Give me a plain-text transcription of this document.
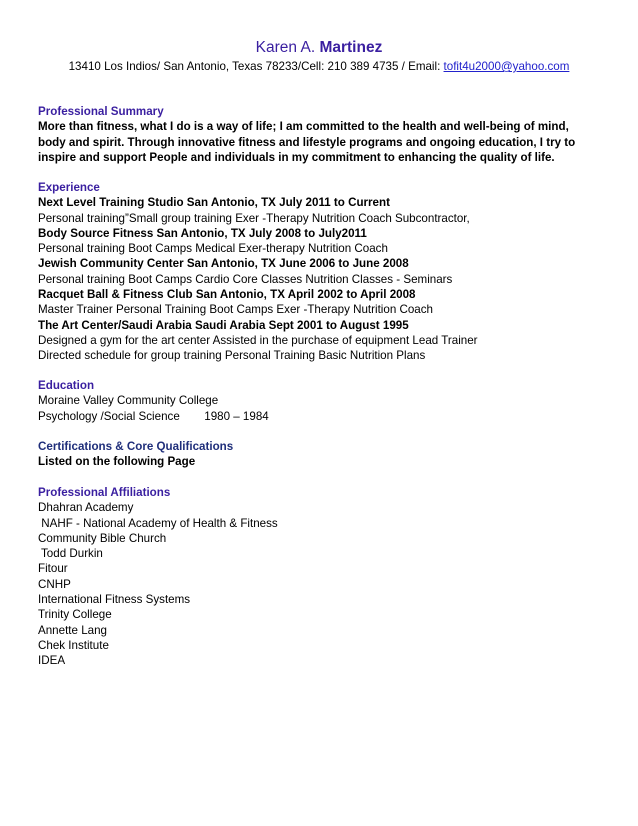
Karen A. Martinez
13410 Los Indios/ San Antonio, Texas 78233/Cell: 210 389 4735 / Email: tofit4u2000@yahoo.com
Professional Summary
More than fitness, what I do is a way of life; I am committed to the health and well-being of mind,
body and spirit. Through innovative fitness and lifestyle programs and ongoing education, I try to
inspire and support People and individuals in my commitment to enhancing the quality of life.
Experience
Next Level Training Studio San Antonio, TX July 2011 to Current
Personal training”Small group training Exer -Therapy Nutrition Coach Subcontractor,
Body Source Fitness San Antonio, TX July 2008 to July2011
Personal training Boot Camps Medical Exer-therapy Nutrition Coach
Jewish Community Center San Antonio, TX June 2006 to June 2008
Personal training Boot Camps Cardio Core Classes Nutrition Classes - Seminars
Racquet Ball & Fitness Club San Antonio, TX April 2002 to April 2008
Master Trainer Personal Training Boot Camps Exer -Therapy Nutrition Coach
The Art Center/Saudi Arabia Saudi Arabia Sept 2001 to August 1995
Designed a gym for the art center Assisted in the purchase of equipment Lead Trainer
Directed schedule for group training Personal Training Basic Nutrition Plans
Education
Moraine Valley Community College
Psychology /Social Science 1980 – 1984
Certifications & Core Qualifications
Listed on the following Page
Professional Affiliations
Dhahran Academy
NAHF - National Academy of Health & Fitness
Community Bible Church
Todd Durkin
Fitour
CNHP
International Fitness Systems
Trinity College
Annette Lang
Chek Institute
IDEA
